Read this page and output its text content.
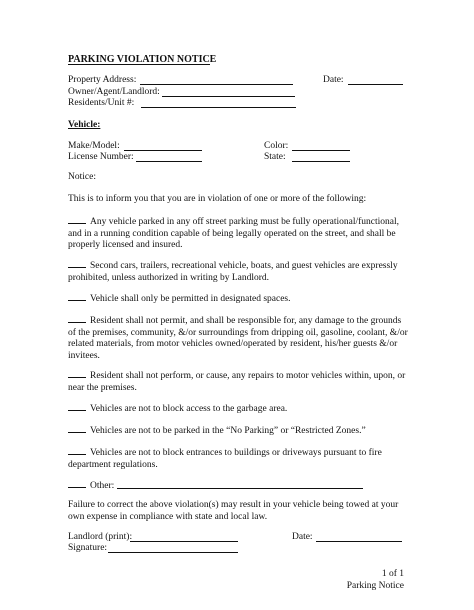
PARKING VIOLATION NOTICE
Property Address:	Date:
Owner/Agent/Landlord:
Residents/Unit #:
Vehicle:
Make/Model:	Color:
License Number:	State:
Notice:
This is to inform you that you are in violation of one or more of the following:
Any vehicle parked in any off street parking must be fully operational/functional,
and in a running condition capable of being legally operated on the street, and shall be
properly licensed and insured.
Second cars, trailers, recreational vehicle, boats, and guest vehicles are expressly
prohibited, unless authorized in writing by Landlord.
Vehicle shall only be permitted in designated spaces.
Resident shall not permit, and shall be responsible for, any damage to the grounds
of the premises, community, &/or surroundings from dripping oil, gasoline, coolant, &/or
related materials, from motor vehicles owned/operated by resident, his/her guests &/or
invitees.
Resident shall not perform, or cause, any repairs to motor vehicles within, upon, or
near the premises.
Vehicles are not to block access to the garbage area.
Vehicles are not to be parked in the “No Parking” or “Restricted Zones.”
Vehicles are not to block entrances to buildings or driveways pursuant to fire
department regulations.
Other:
Failure to correct the above violation(s) may result in your vehicle being towed at your
own expense in compliance with state and local law.
Landlord (print):	Date:
Signature:
1 of 1
Parking Notice
